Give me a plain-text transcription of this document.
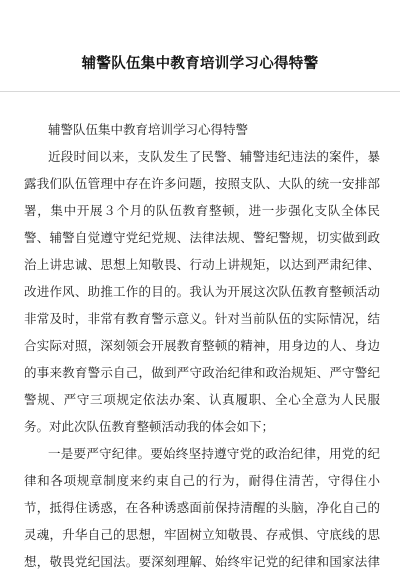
辅警队伍集中教育培训学习心得特警

辅警队伍集中教育培训学习心得特警

近段时间以来，支队发生了民警、辅警违纪违法的案件，暴

露我们队伍管理中存在许多问题，按照支队、大队的统一安排部

署，集中开展３个月的队伍教育整顿，进一步强化支队全体民

警、辅警自觉遵守党纪党规、法律法规、警纪警规，切实做到政

治上讲忠诚、思想上知敬畏、行动上讲规矩，以达到严肃纪律、

改进作风、助推工作的目的。我认为开展这次队伍教育整顿活动

非常及时，非常有教育警示意义。针对当前队伍的实际情况，结

合实际对照，深刻领会开展教育整顿的精神，用身边的人、身边

的事来教育警示自己，做到严守政治纪律和政治规矩、严守警纪

警规、严守三项规定依法办案、认真履职、全心全意为人民服

务。对此次队伍教育整顿活动我的体会如下；

一是要严守纪律。要始终坚持遵守党的政治纪律，用党的纪

律和各项规章制度来约束自己的行为，耐得住清苦，守得住小

节，抵得住诱惑，在各种诱惑面前保持清醒的头脑，净化自己的

灵魂，升华自己的思想，牢固树立知敬畏、存戒惧、守底线的思

想，敬畏党纪国法。要深刻理解、始终牢记党的纪律和国家法律
